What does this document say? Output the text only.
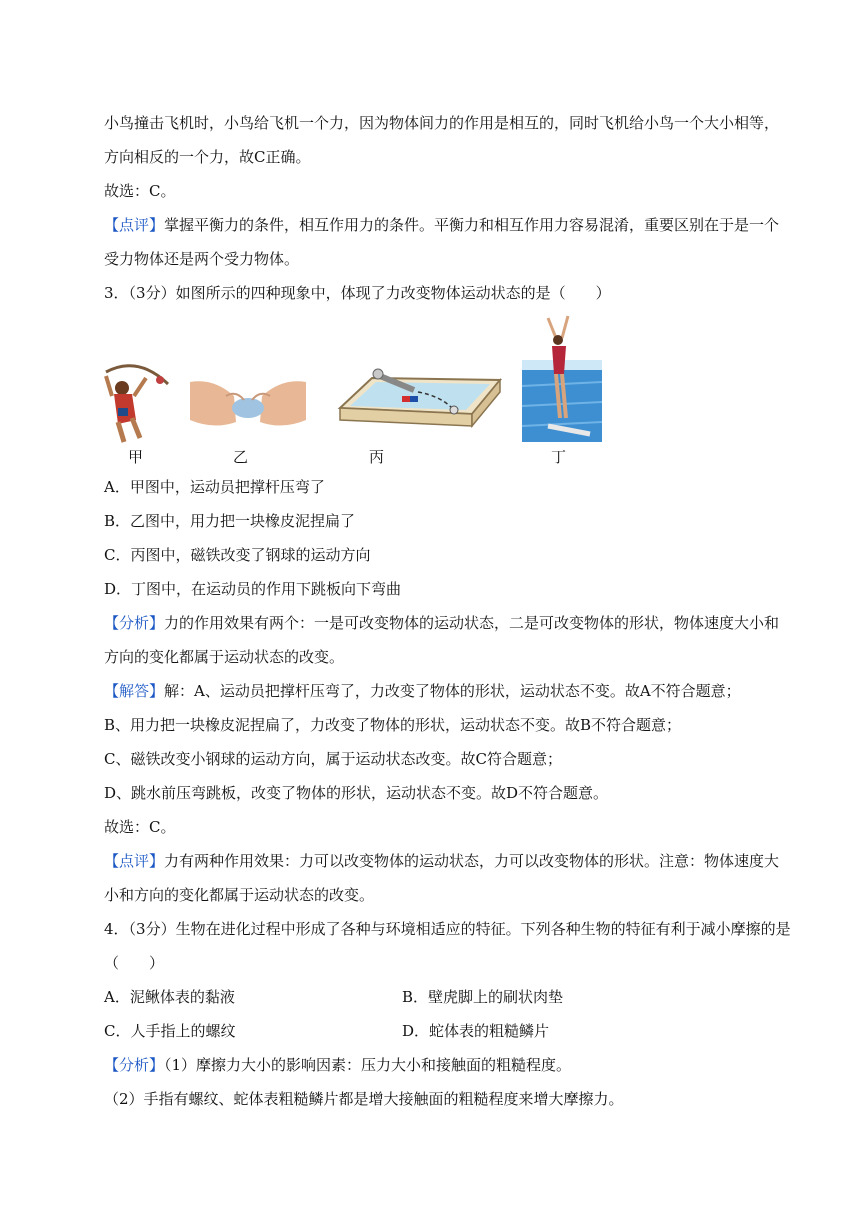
小鸟撞击飞机时，小鸟给飞机一个力，因为物体间力的作用是相互的，同时飞机给小鸟一个大小相等，
方向相反的一个力，故C正确。
故选：C。
【点评】掌握平衡力的条件，相互作用力的条件。平衡力和相互作用力容易混淆，重要区别在于是一个
受力物体还是两个受力物体。
3．（3分）如图所示的四种现象中，体现了力改变物体运动状态的是（　　）
甲	乙	丙	丁
A．甲图中，运动员把撑杆压弯了
B．乙图中，用力把一块橡皮泥捏扁了
C．丙图中，磁铁改变了钢球的运动方向
D．丁图中，在运动员的作用下跳板向下弯曲
【分析】力的作用效果有两个：一是可改变物体的运动状态，二是可改变物体的形状，物体速度大小和
方向的变化都属于运动状态的改变。
【解答】解：A、运动员把撑杆压弯了，力改变了物体的形状，运动状态不变。故A不符合题意；
B、用力把一块橡皮泥捏扁了，力改变了物体的形状，运动状态不变。故B不符合题意；
C、磁铁改变小钢球的运动方向，属于运动状态改变。故C符合题意；
D、跳水前压弯跳板，改变了物体的形状，运动状态不变。故D不符合题意。
故选：C。
【点评】力有两种作用效果：力可以改变物体的运动状态，力可以改变物体的形状。注意：物体速度大
小和方向的变化都属于运动状态的改变。
4．（3分）生物在进化过程中形成了各种与环境相适应的特征。下列各种生物的特征有利于减小摩擦的是
（　　）
A．泥鳅体表的黏液	B．壁虎脚上的刷状肉垫
C．人手指上的螺纹	D．蛇体表的粗糙鳞片
【分析】（1）摩擦力大小的影响因素：压力大小和接触面的粗糙程度。
（2）手指有螺纹、蛇体表粗糙鳞片都是增大接触面的粗糙程度来增大摩擦力。
